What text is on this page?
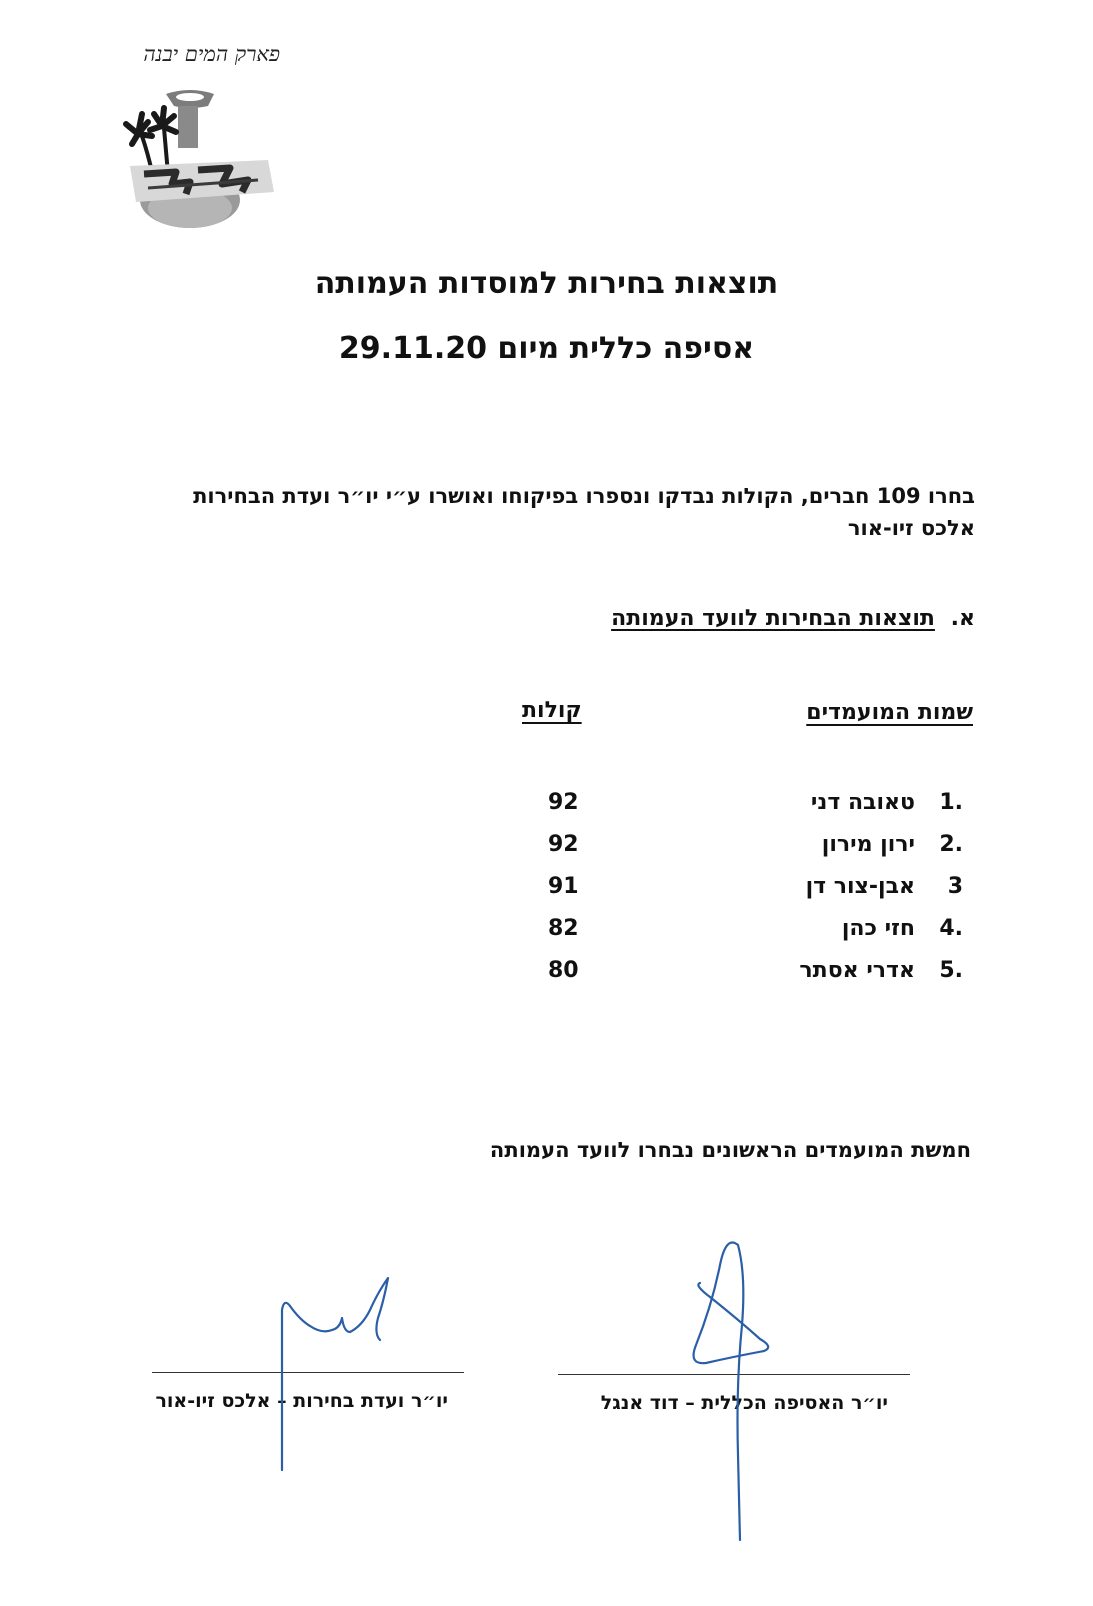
פארק המים יבנה
תוצאות בחירות למוסדות העמותה
אסיפה כללית מיום 29.11.20
בחרו 109 חברים, הקולות נבדקו ונספרו בפיקוחו ואושרו ע״י יו״ר ועדת הבחירות
אלכס זיו-אור
א. תוצאות הבחירות לוועד העמותה
שמות המועמדים
קולות
1.
טאובה דני
92
2.
ירון מירון
92
3
אבן-צור דן
91
4.
חזי כהן
82
5.
אדרי אסתר
80
חמשת המועמדים הראשונים נבחרו לוועד העמותה
יו״ר ועדת בחירות – אלכס זיו-אור	יו״ר האסיפה הכללית – דוד אנגל
